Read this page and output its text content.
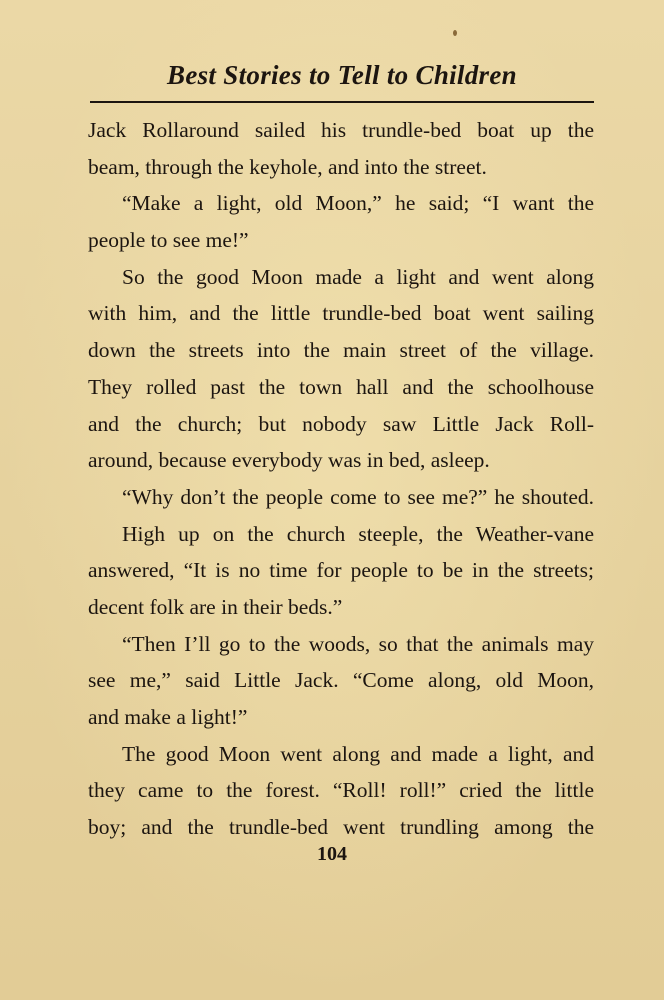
Best Stories to Tell to Children
Jack Rollaround sailed his trundle-bed boat up the
beam, through the keyhole, and into the street.
“Make a light, old Moon,” he said; “I want the
people to see me!”
So the good Moon made a light and went along
with him, and the little trundle-bed boat went sailing
down the streets into the main street of the village.
They rolled past the town hall and the schoolhouse
and the church; but nobody saw Little Jack Roll-
around, because everybody was in bed, asleep.
“Why don’t the people come to see me?” he shouted.
High up on the church steeple, the Weather-vane
answered, “It is no time for people to be in the streets;
decent folk are in their beds.”
“Then I’ll go to the woods, so that the animals may
see me,” said Little Jack. “Come along, old Moon,
and make a light!”
The good Moon went along and made a light, and
they came to the forest. “Roll! roll!” cried the little
boy; and the trundle-bed went trundling among the
104
